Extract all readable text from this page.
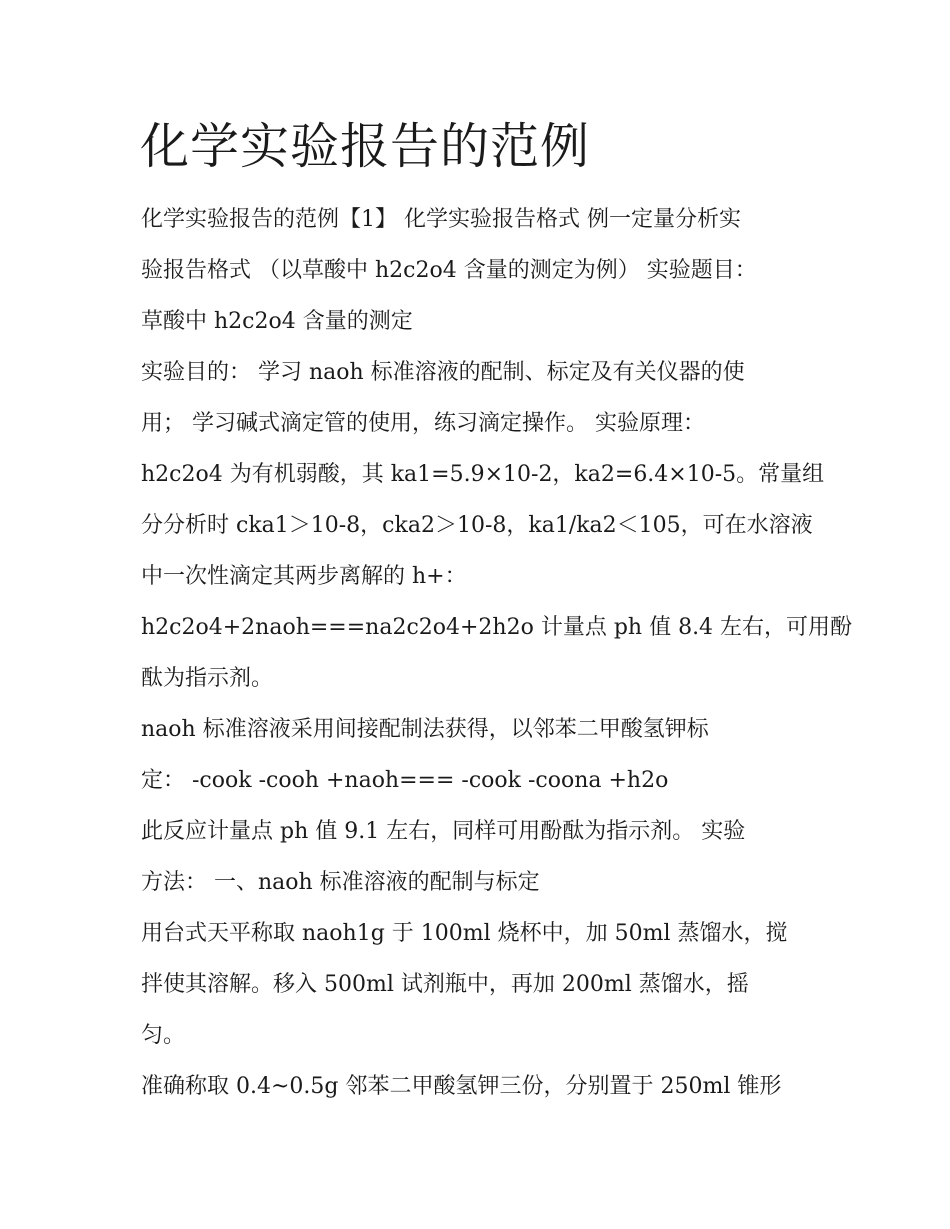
化学实验报告的范例

化学实验报告的范例【1】 化学实验报告格式 例一定量分析实

验报告格式 （以草酸中 h2c2o4 含量的测定为例） 实验题目：

草酸中 h2c2o4 含量的测定

实验目的： 学习 naoh 标准溶液的配制、标定及有关仪器的使

用； 学习碱式滴定管的使用，练习滴定操作。 实验原理：

h2c2o4 为有机弱酸，其 ka1=5.9×10-2，ka2=6.4×10-5。常量组

分分析时 cka1＞10-8，cka2＞10-8，ka1/ka2＜105，可在水溶液

中一次性滴定其两步离解的 h+：

h2c2o4+2naoh===na2c2o4+2h2o 计量点 ph 值 8.4 左右，可用酚

酞为指示剂。

naoh 标准溶液采用间接配制法获得，以邻苯二甲酸氢钾标

定： -cook -cooh +naoh=== -cook -coona +h2o

此反应计量点 ph 值 9.1 左右，同样可用酚酞为指示剂。 实验

方法： 一、naoh 标准溶液的配制与标定

用台式天平称取 naoh1g 于 100ml 烧杯中，加 50ml 蒸馏水，搅

拌使其溶解。移入 500ml 试剂瓶中，再加 200ml 蒸馏水，摇

匀。

准确称取 0.4~0.5g 邻苯二甲酸氢钾三份，分别置于 250ml 锥形
